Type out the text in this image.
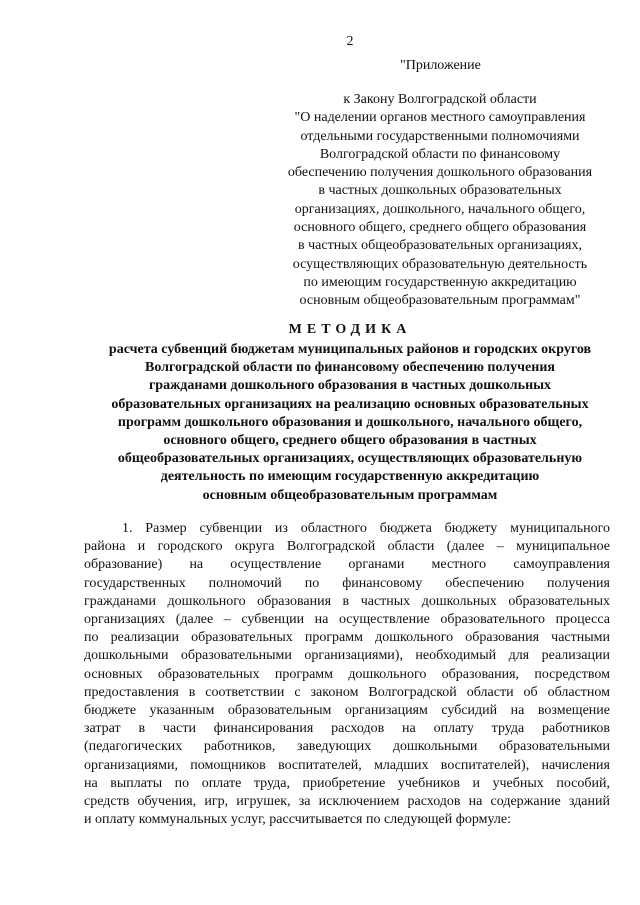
2
"Приложение
к Закону Волгоградской области
"О наделении органов местного самоуправления
отдельными государственными полномочиями
Волгоградской области по финансовому
обеспечению получения дошкольного образования
в частных дошкольных образовательных
организациях, дошкольного, начального общего,
основного общего, среднего общего образования
в частных общеобразовательных организациях,
осуществляющих образовательную деятельность
по имеющим государственную аккредитацию
основным общеобразовательным программам"
МЕТОДИКА
расчета субвенций бюджетам муниципальных районов и городских округов
Волгоградской области по финансовому обеспечению получения
гражданами дошкольного образования в частных дошкольных
образовательных организациях на реализацию основных образовательных
программ дошкольного образования и дошкольного, начального общего,
основного общего, среднего общего образования в частных
общеобразовательных организациях, осуществляющих образовательную
деятельность по имеющим государственную аккредитацию
основным общеобразовательным программам
1. Размер субвенции из областного бюджета бюджету муниципального
района и городского округа Волгоградской области (далее – муниципальное
образование) на осуществление органами местного самоуправления
государственных полномочий по финансовому обеспечению получения
гражданами дошкольного образования в частных дошкольных образовательных
организациях (далее – субвенции на осуществление образовательного процесса
по реализации образовательных программ дошкольного образования частными
дошкольными образовательными организациями), необходимый для реализации
основных образовательных программ дошкольного образования, посредством
предоставления в соответствии с законом Волгоградской области об областном
бюджете указанным образовательным организациям субсидий на возмещение
затрат в части финансирования расходов на оплату труда работников
(педагогических работников, заведующих дошкольными образовательными
организациями, помощников воспитателей, младших воспитателей), начисления
на выплаты по оплате труда, приобретение учебников и учебных пособий,
средств обучения, игр, игрушек, за исключением расходов на содержание зданий
и оплату коммунальных услуг, рассчитывается по следующей формуле:
